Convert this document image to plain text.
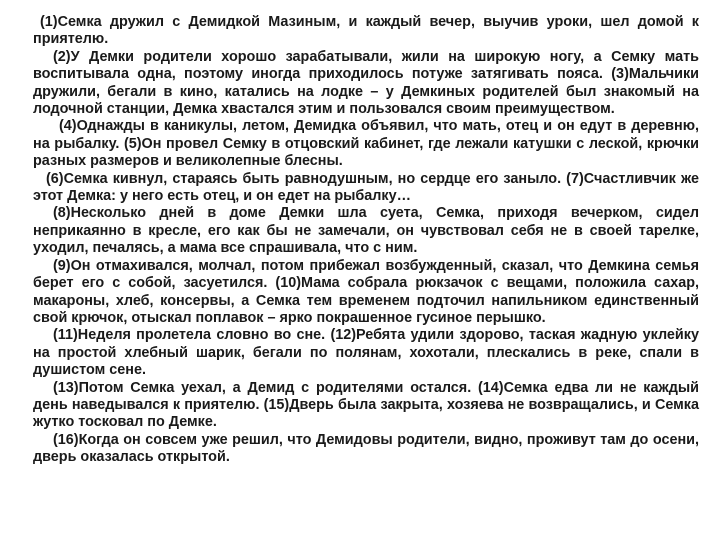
(1)Семка дружил с Демидкой Мазиным, и каждый вечер, выучив уроки, шел домой к приятелю.

(2)У Демки родители хорошо зарабатывали, жили на широкую ногу, а Семку мать воспитывала одна, поэтому иногда приходилось потуже затягивать пояса. (3)Мальчики дружили, бегали в кино, катались на лодке – у Демкиных родителей был знакомый на лодочной станции, Демка хвастался этим и пользовался своим преимуществом.

(4)Однажды в каникулы, летом, Демидка объявил, что мать, отец и он едут в деревню, на рыбалку. (5)Он провел Семку в отцовский кабинет, где лежали катушки с леской, крючки разных размеров и великолепные блесны.

(6)Семка кивнул, стараясь быть равнодушным, но сердце его заныло. (7)Счастливчик же этот Демка: у него есть отец, и он едет на рыбалку…

(8)Несколько дней в доме Демки шла суета, Семка, приходя вечерком, сидел неприкаянно в кресле, его как бы не замечали, он чувствовал себя не в своей тарелке, уходил, печалясь, а мама все спрашивала, что с ним.

(9)Он отмахивался, молчал, потом прибежал возбужденный, сказал, что Демкина семья берет его с собой, засуетился. (10)Мама собрала рюкзачок с вещами, положила сахар, макароны, хлеб, консервы, а Семка тем временем подточил напильником единственный свой крючок, отыскал поплавок – ярко покрашенное гусиное перышко.

(11)Неделя пролетела словно во сне. (12)Ребята удили здорово, таская жадную уклейку на простой хлебный шарик, бегали по полянам, хохотали, плескались в реке, спали в душистом сене.

(13)Потом Семка уехал, а Демид с родителями остался. (14)Семка едва ли не каждый день наведывался к приятелю. (15)Дверь была закрыта, хозяева не возвращались, и Семка жутко тосковал по Демке.

(16)Когда он совсем уже решил, что Демидовы родители, видно, проживут там до осени, дверь оказалась открытой.
